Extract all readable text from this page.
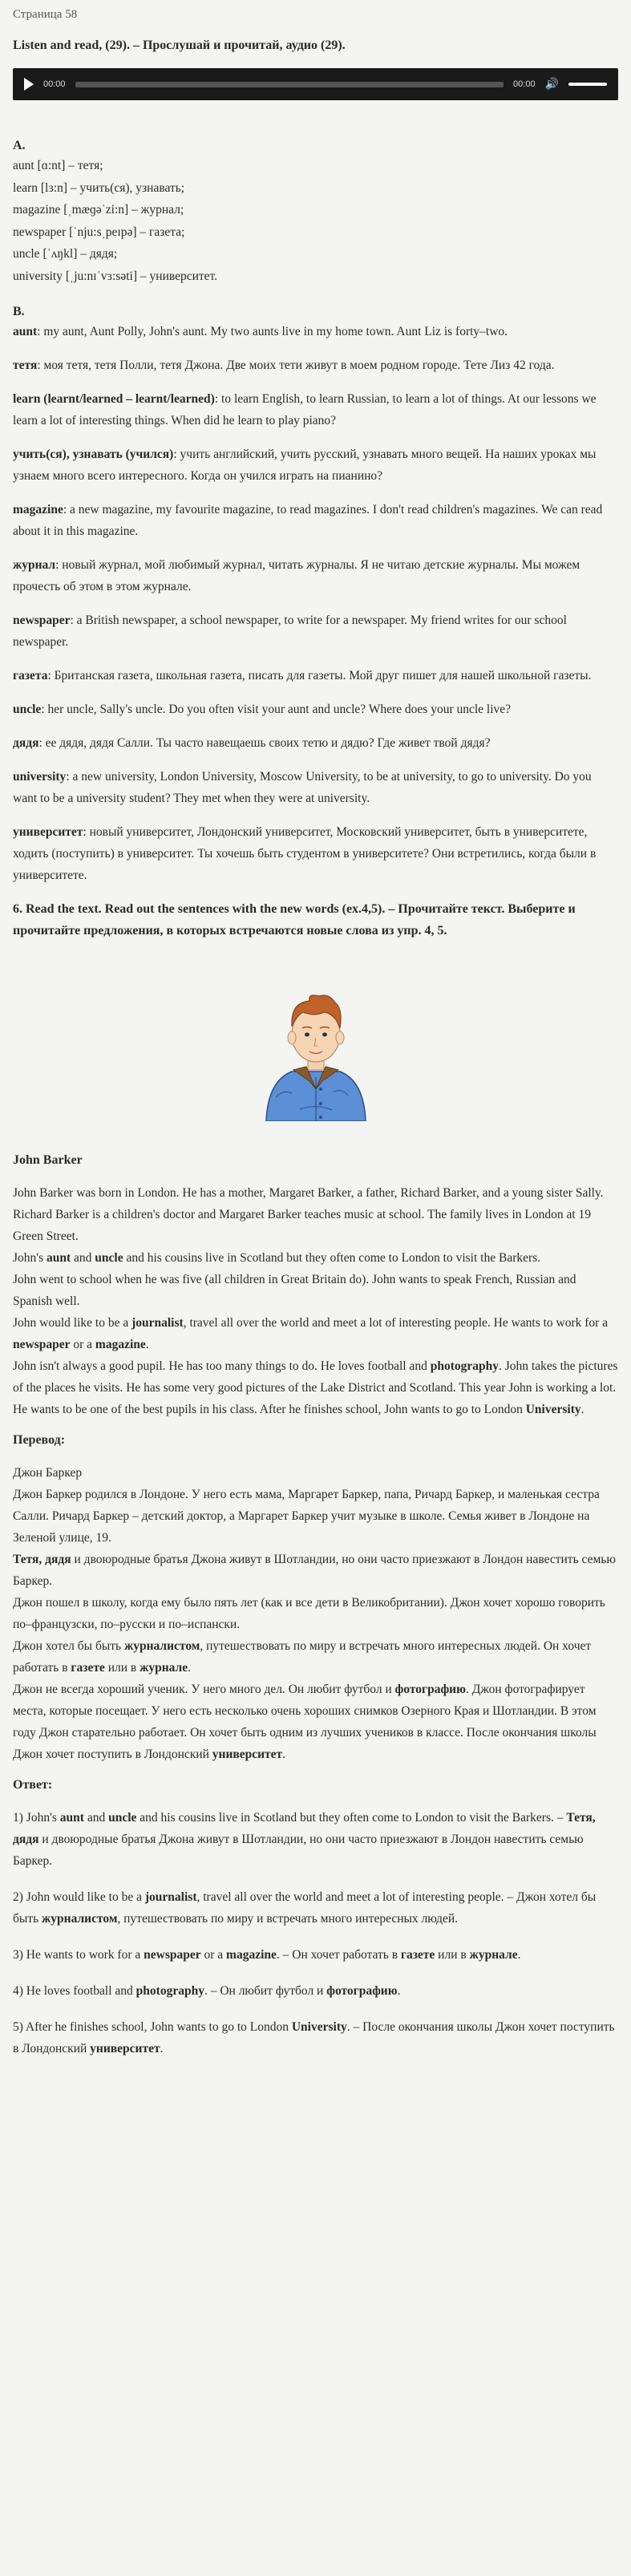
Страница 58
Listen and read, (29). – Прослушай и прочитай, аудио (29).
00:00	00:00 🔊
A.
aunt [ɑ:nt] – тетя;
learn [lɜ:n] – учить(ся), узнавать;
magazine [ˌmæɡəˈzi:n] – журнал;
newspaper [ˈnju:sˌpeɪpə] – газета;
uncle [ˈʌŋkl] – дядя;
university [ˌju:nɪˈvɜ:səti] – университет.
B.

aunt: my aunt, Aunt Polly, John's aunt. My two aunts live in my home town. Aunt Liz is forty–two.

тетя: моя тетя, тетя Полли, тетя Джона. Две моих тети живут в моем родном городе. Тете Лиз 42 года.

learn (learnt/learned – learnt/learned): to learn English, to learn Russian, to learn a lot of things. At our lessons we learn a lot of interesting things. When did he learn to play piano?

учить(ся), узнавать (учился): учить английский, учить русский, узнавать много вещей. На наших уроках мы узнаем много всего интересного. Когда он учился играть на пианино?

magazine: a new magazine, my favourite magazine, to read magazines. I don't read children's magazines. We can read about it in this magazine.

журнал: новый журнал, мой любимый журнал, читать журналы. Я не читаю детские журналы. Мы можем прочесть об этом в этом журнале.

newspaper: a British newspaper, a school newspaper, to write for a newspaper. My friend writes for our school newspaper.

газета: Британская газета, школьная газета, писать для газеты. Мой друг пишет для нашей школьной газеты.

uncle: her uncle, Sally's uncle. Do you often visit your aunt and uncle? Where does your uncle live?

дядя: ее дядя, дядя Салли. Ты часто навещаешь своих тетю и дядю? Где живет твой дядя?

university: a new university, London University, Moscow University, to be at university, to go to university. Do you want to be a university student? They met when they were at university.

университет: новый университет, Лондонский университет, Московский университет, быть в университете, ходить (поступить) в университет. Ты хочешь быть студентом в университете? Они встретились, когда были в университете.

6. Read the text. Read out the sentences with the new words (ex.4,5). – Прочитайте текст. Выберите и прочитайте предложения, в которых встречаются новые слова из упр. 4, 5.
John Barker
John Barker was born in London. He has a mother, Margaret Barker, a father, Richard Barker, and a young sister Sally. Richard Barker is a children's doctor and Margaret Barker teaches music at school. The family lives in London at 19 Green Street.
John's aunt and uncle and his cousins live in Scotland but they often come to London to visit the Barkers.
John went to school when he was five (all children in Great Britain do). John wants to speak French, Russian and Spanish well.
John would like to be a journalist, travel all over the world and meet a lot of interesting people. He wants to work for a newspaper or a magazine.
John isn't always a good pupil. He has too many things to do. He loves football and photography. John takes the pictures of the places he visits. He has some very good pictures of the Lake District and Scotland. This year John is working a lot. He wants to be one of the best pupils in his class. After he finishes school, John wants to go to London University.
Перевод:
Джон Баркер
Джон Баркер родился в Лондоне. У него есть мама, Маргарет Баркер, папа, Ричард Баркер, и маленькая сестра Салли. Ричард Баркер – детский доктор, а Маргарет Баркер учит музыке в школе. Семья живет в Лондоне на Зеленой улице, 19.
Тетя, дядя и двоюродные братья Джона живут в Шотландии, но они часто приезжают в Лондон навестить семью Баркер.
Джон пошел в школу, когда ему было пять лет (как и все дети в Великобритании). Джон хочет хорошо говорить по–французски, по–русски и по–испански.
Джон хотел бы быть журналистом, путешествовать по миру и встречать много интересных людей. Он хочет работать в газете или в журнале.
Джон не всегда хороший ученик. У него много дел. Он любит футбол и фотографию. Джон фотографирует места, которые посещает. У него есть несколько очень хороших снимков Озерного Края и Шотландии. В этом году Джон старательно работает. Он хочет быть одним из лучших учеников в классе. После окончания школы Джон хочет поступить в Лондонский университет.
Ответ:

1) John's aunt and uncle and his cousins live in Scotland but they often come to London to visit the Barkers. – Тетя, дядя и двоюродные братья Джона живут в Шотландии, но они часто приезжают в Лондон навестить семью Баркер.

2) John would like to be a journalist, travel all over the world and meet a lot of interesting people. – Джон хотел бы быть журналистом, путешествовать по миру и встречать много интересных людей.

3) He wants to work for a newspaper or a magazine. – Он хочет работать в газете или в журнале.

4) He loves football and photography. – Он любит футбол и фотографию.

5) After he finishes school, John wants to go to London University. – После окончания школы Джон хочет поступить в Лондонский университет.
